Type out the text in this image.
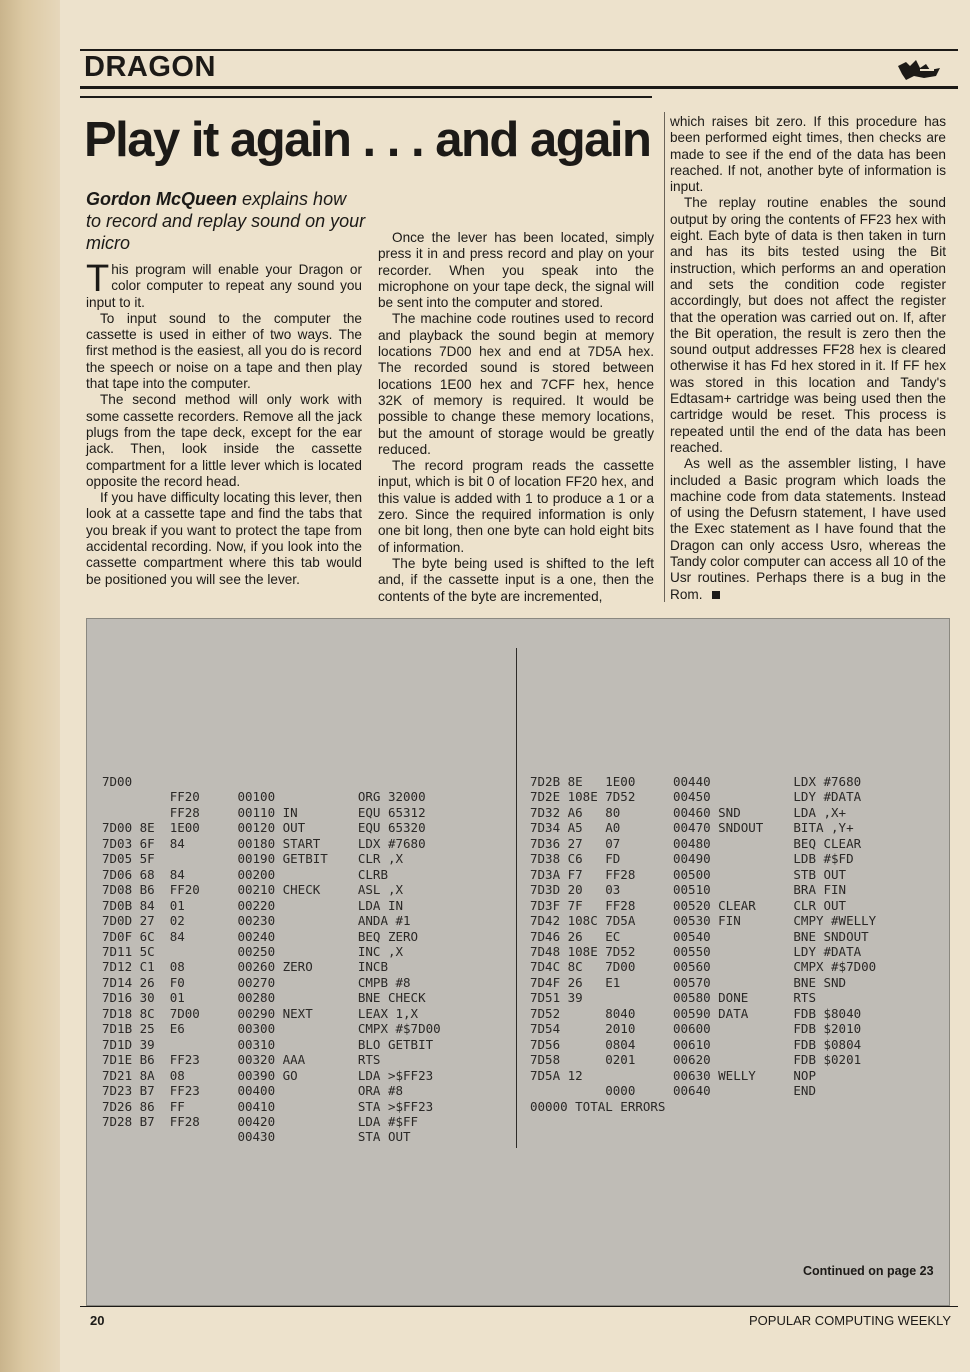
DRAGON
Play it again . . . and again
Gordon McQueen explains how to record and replay sound on your micro

This program will enable your Dragon or color computer to repeat any sound you input to it.

To input sound to the computer the cassette is used in either of two ways. The first method is the easiest, all you do is record the speech or noise on a tape and then play that tape into the computer.

The second method will only work with some cassette recorders. Remove all the jack plugs from the tape deck, except for the ear jack. Then, look inside the cassette compartment for a little lever which is located opposite the record head.

If you have difficulty locating this lever, then look at a cassette tape and find the tabs that you break if you want to protect the tape from accidental recording. Now, if you look into the cassette compartment where this tab would be positioned you will see the lever.

Once the lever has been located, simply press it in and press record and play on your recorder. When you speak into the microphone on your tape deck, the signal will be sent into the computer and stored.

The machine code routines used to record and playback the sound begin at memory locations 7D00 hex and end at 7D5A hex. The recorded sound is stored between locations 1E00 hex and 7CFF hex, hence 32K of memory is required. It would be possible to change these memory locations, but the amount of storage would be greatly reduced.

The record program reads the cassette input, which is bit 0 of location FF20 hex, and this value is added with 1 to produce a 1 or a zero. Since the required information is only one bit long, then one byte can hold eight bits of information.

The byte being used is shifted to the left and, if the cassette input is a one, then the contents of the byte are incremented,

which raises bit zero. If this procedure has been performed eight times, then checks are made to see if the end of the data has been reached. If not, another byte of information is input.

The replay routine enables the sound output by oring the contents of FF23 hex with eight. Each byte of data is then taken in turn and has its bits tested using the Bit instruction, which performs an and operation and sets the condition code register accordingly, but does not affect the register that the operation was carried out on. If, after the Bit operation, the result is zero then the sound output addresses FF28 hex is cleared otherwise it has Fd hex stored in it. If FF hex was stored in this location and Tandy's Edtasam+ cartridge was being used then the cartridge would be reset. This process is repeated until the end of the data has been reached.

As well as the assembler listing, I have included a Basic program which loads the machine code from data statements. Instead of using the Defusrn statement, I have used the Exec statement as I have found that the Dragon can only access Usro, whereas the Tandy color computer can access all 10 of the Usr routines. Perhaps there is a bug in the Rom.

7D00
FF20     00100           ORG 32000
FF28     00110 IN        EQU 65312
7D00 8E  1E00     00120 OUT       EQU 65320
7D03 6F  84       00180 START     LDX #7680
7D05 5F           00190 GETBIT    CLR ,X
7D06 68  84       00200           CLRB
7D08 B6  FF20     00210 CHECK     ASL ,X
7D0B 84  01       00220           LDA IN
7D0D 27  02       00230           ANDA #1
7D0F 6C  84       00240           BEQ ZERO
7D11 5C           00250           INC ,X
7D12 C1  08       00260 ZERO      INCB
7D14 26  F0       00270           CMPB #8
7D16 30  01       00280           BNE CHECK
7D18 8C  7D00     00290 NEXT      LEAX 1,X
7D1B 25  E6       00300           CMPX #$7D00
7D1D 39           00310           BLO GETBIT
7D1E B6  FF23     00320 AAA       RTS
7D21 8A  08       00390 GO        LDA >$FF23
7D23 B7  FF23     00400           ORA #8
7D26 86  FF       00410           STA >$FF23
7D28 B7  FF28     00420           LDA #$FF
00430           STA OUT
7D2B 8E   1E00     00440           LDX #7680
7D2E 108E 7D52     00450           LDY #DATA
7D32 A6   80       00460 SND       LDA ,X+
7D34 A5   A0       00470 SNDOUT    BITA ,Y+
7D36 27   07       00480           BEQ CLEAR
7D38 C6   FD       00490           LDB #$FD
7D3A F7   FF28     00500           STB OUT
7D3D 20   03       00510           BRA FIN
7D3F 7F   FF28     00520 CLEAR     CLR OUT
7D42 108C 7D5A     00530 FIN       CMPY #WELLY
7D46 26   EC       00540           BNE SNDOUT
7D48 108E 7D52     00550           LDY #DATA
7D4C 8C   7D00     00560           CMPX #$7D00
7D4F 26   E1       00570           BNE SND
7D51 39            00580 DONE      RTS
7D52      8040     00590 DATA      FDB $8040
7D54      2010     00600           FDB $2010
7D56      0804     00610           FDB $0804
7D58      0201     00620           FDB $0201
7D5A 12            00630 WELLY     NOP
0000     00640           END
00000 TOTAL ERRORS
Continued on page 23
20	POPULAR COMPUTING WEEKLY
